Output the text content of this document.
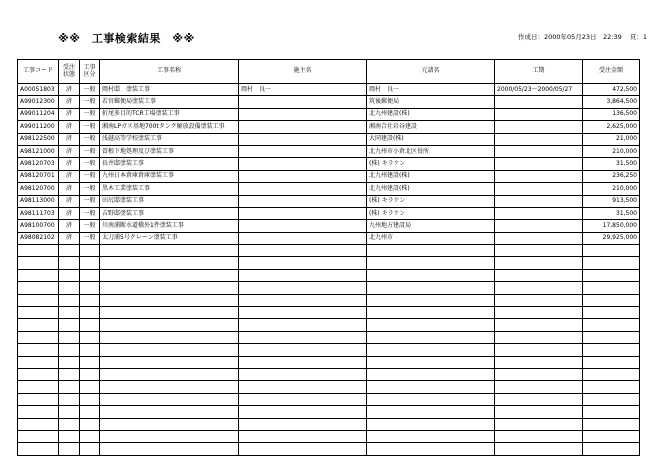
※※　工事検索結果　※※	作成日：2000年05月23日　22:39 頁：1
工事コード	受注状態	工事区分	工事名称	施主名	元請名	工期	受注金額
A00051803	済	一般	岡村邸　塗装工事	岡村　良一	岡村　良一	2000/05/23～2000/05/27	472,500
A99012300	済	一般	若宮郵便局塗装工事		筑後郵便局		3,864,500
A99011204	済	一般	折尾多目的TCR工場塗装工事		北九州建設(株)		136,500
A99011200	済	一般	湘南LPガス基地700tタンク解放設備塗装工事		湘南合社岩谷建設		2,625,000
A98122500	済	一般	浅越高等学校塗装工事		大同建設(株)		21,000
A98121000	済	一般	曽根下地処理及び塗装工事		北九州市小倉北区役所		210,000
A98120703	済	一般	長井邸塗装工事		(株) キラケン		31,500
A98120701	済	一般	九州日本倉庫倉庫塗装工事		北九州建設(株)		236,250
A98120700	済	一般	黒木工業塗装工事		北九州建設(株)		210,000
A98113000	済	一般	田尻邸塗装工事		(株) キラケン		913,500
A98111703	済	一般	吉野邸塗装工事		(株) キラケン		31,500
A98100700	済	一般	川南浦断水道橋外1件塗装工事		九州地方建設局		17,850,000
A98082102	済	一般	太刀浦5号クレーン塗装工事		北九州市		29,925,000
